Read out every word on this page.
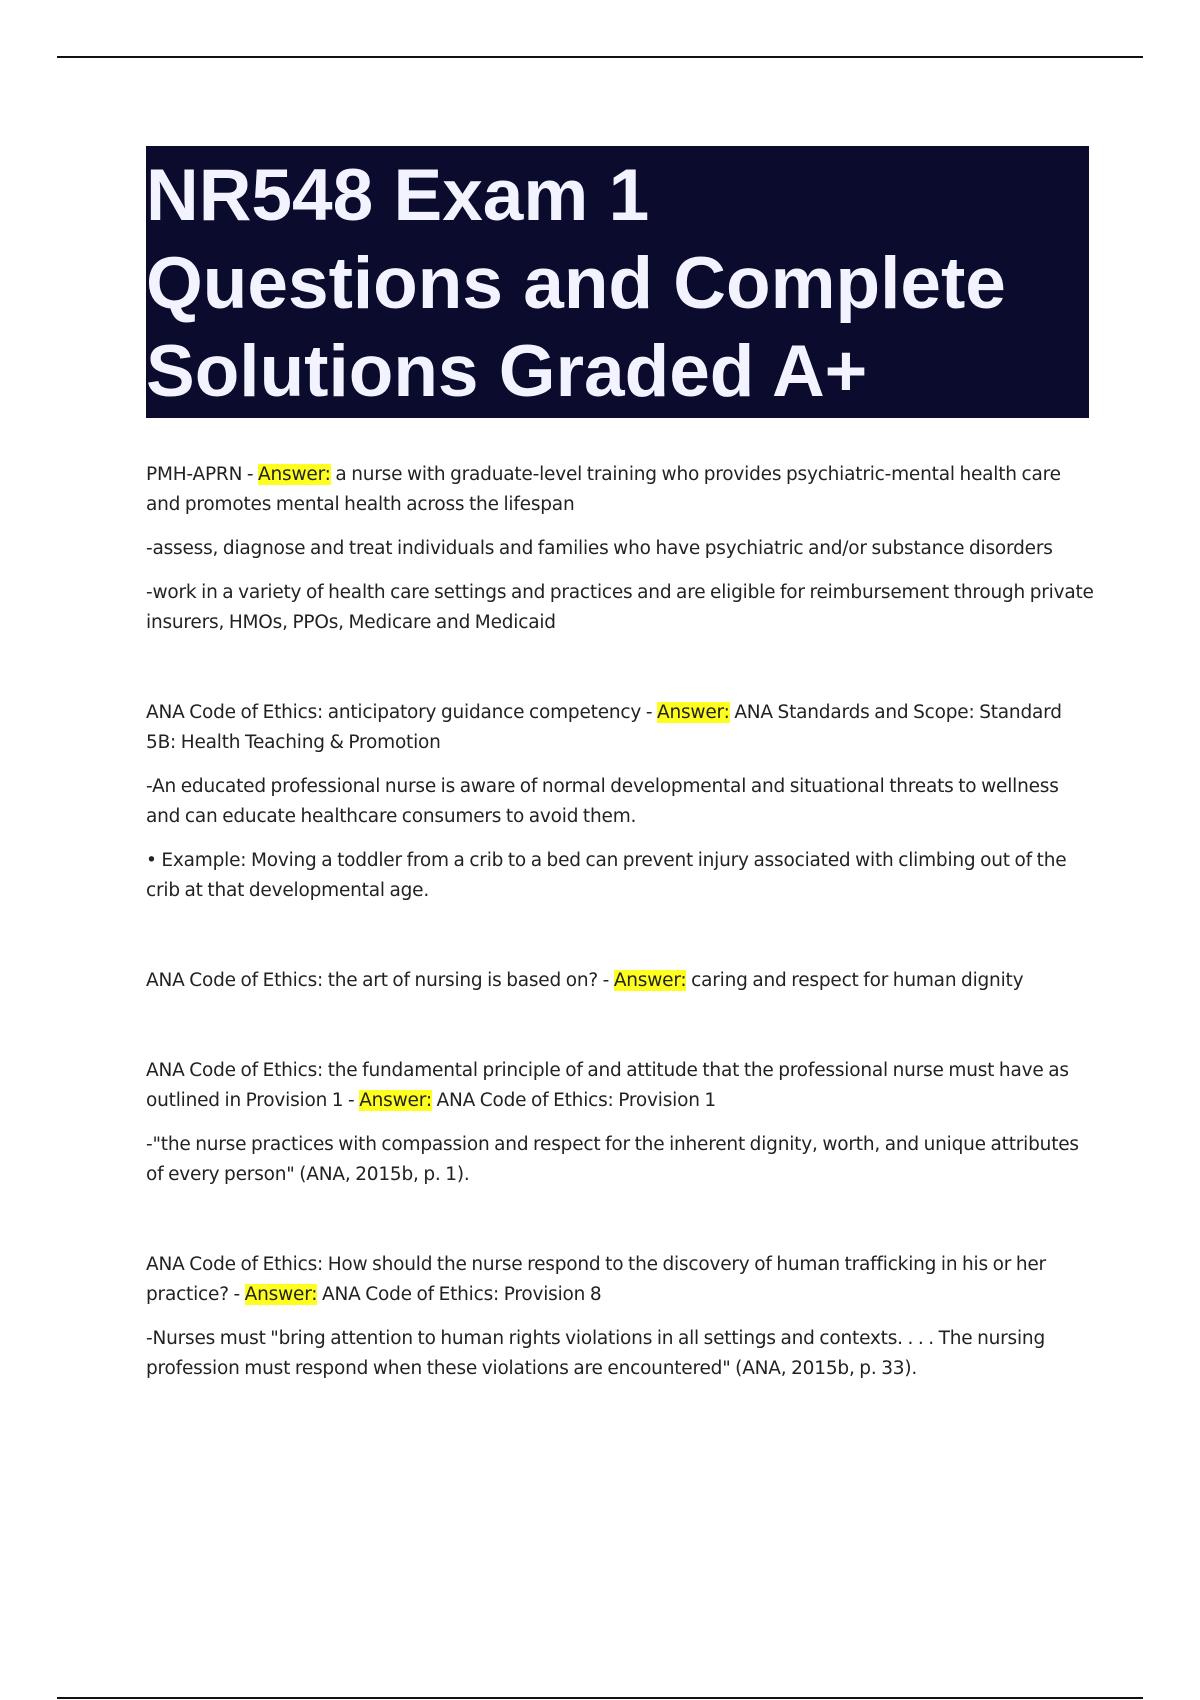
NR548 Exam 1
Questions and Complete
Solutions Graded A+

PMH-APRN - Answer: a nurse with graduate-level training who provides psychiatric-mental health care and promotes mental health across the lifespan

-assess, diagnose and treat individuals and families who have psychiatric and/or substance disorders

-work in a variety of health care settings and practices and are eligible for reimbursement through private insurers, HMOs, PPOs, Medicare and Medicaid

ANA Code of Ethics: anticipatory guidance competency - Answer: ANA Standards and Scope: Standard 5B: Health Teaching & Promotion

-An educated professional nurse is aware of normal developmental and situational threats to wellness and can educate healthcare consumers to avoid them.

• Example: Moving a toddler from a crib to a bed can prevent injury associated with climbing out of the crib at that developmental age.

ANA Code of Ethics: the art of nursing is based on? - Answer: caring and respect for human dignity

ANA Code of Ethics: the fundamental principle of and attitude that the professional nurse must have as outlined in Provision 1 - Answer: ANA Code of Ethics: Provision 1

-"the nurse practices with compassion and respect for the inherent dignity, worth, and unique attributes of every person" (ANA, 2015b, p. 1).

ANA Code of Ethics: How should the nurse respond to the discovery of human trafficking in his or her practice? - Answer: ANA Code of Ethics: Provision 8

-Nurses must "bring attention to human rights violations in all settings and contexts. . . . The nursing profession must respond when these violations are encountered" (ANA, 2015b, p. 33).
